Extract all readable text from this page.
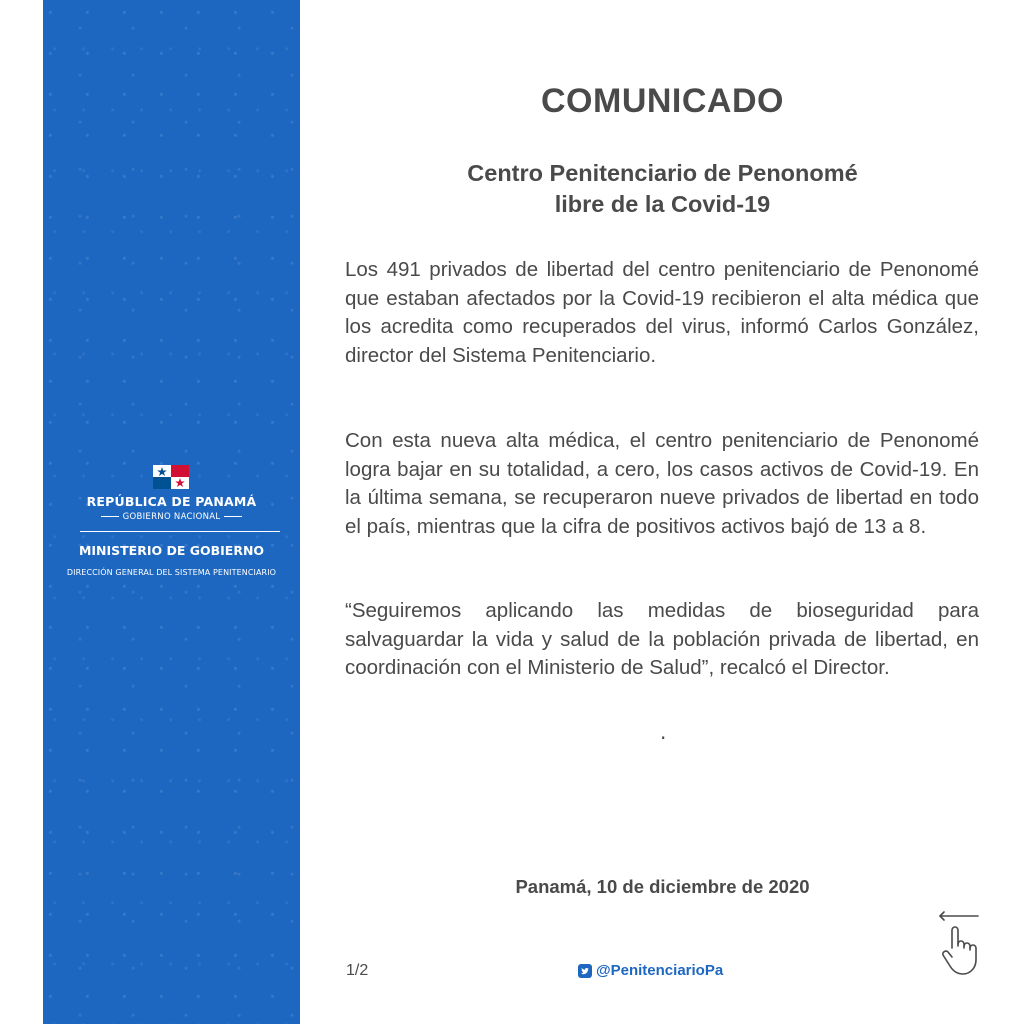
REPÚBLICA DE PANAMÁ
GOBIERNO NACIONAL
MINISTERIO DE GOBIERNO
DIRECCIÓN GENERAL DEL SISTEMA PENITENCIARIO
COMUNICADO
Centro Penitenciario de Penonomé
libre de la Covid-19

Los 491 privados de libertad del centro penitenciario de Penonomé que estaban afectados por la Covid-19 recibieron el alta médica que los acredita como recuperados del virus, informó Carlos González, director del Sistema Penitenciario.

Con esta nueva alta médica, el centro penitenciario de Penonomé logra bajar en su totalidad, a cero, los casos activos de Covid-19. En la última semana, se recuperaron nueve privados de libertad en todo el país, mientras que la cifra de positivos activos bajó de 13 a 8.

“Seguiremos aplicando las medidas de bioseguridad para salvaguardar la vida y salud de la población privada de libertad, en coordinación con el Ministerio de Salud”, recalcó el Director.

.
Panamá, 10 de diciembre de 2020
1/2	@PenitenciarioPa
